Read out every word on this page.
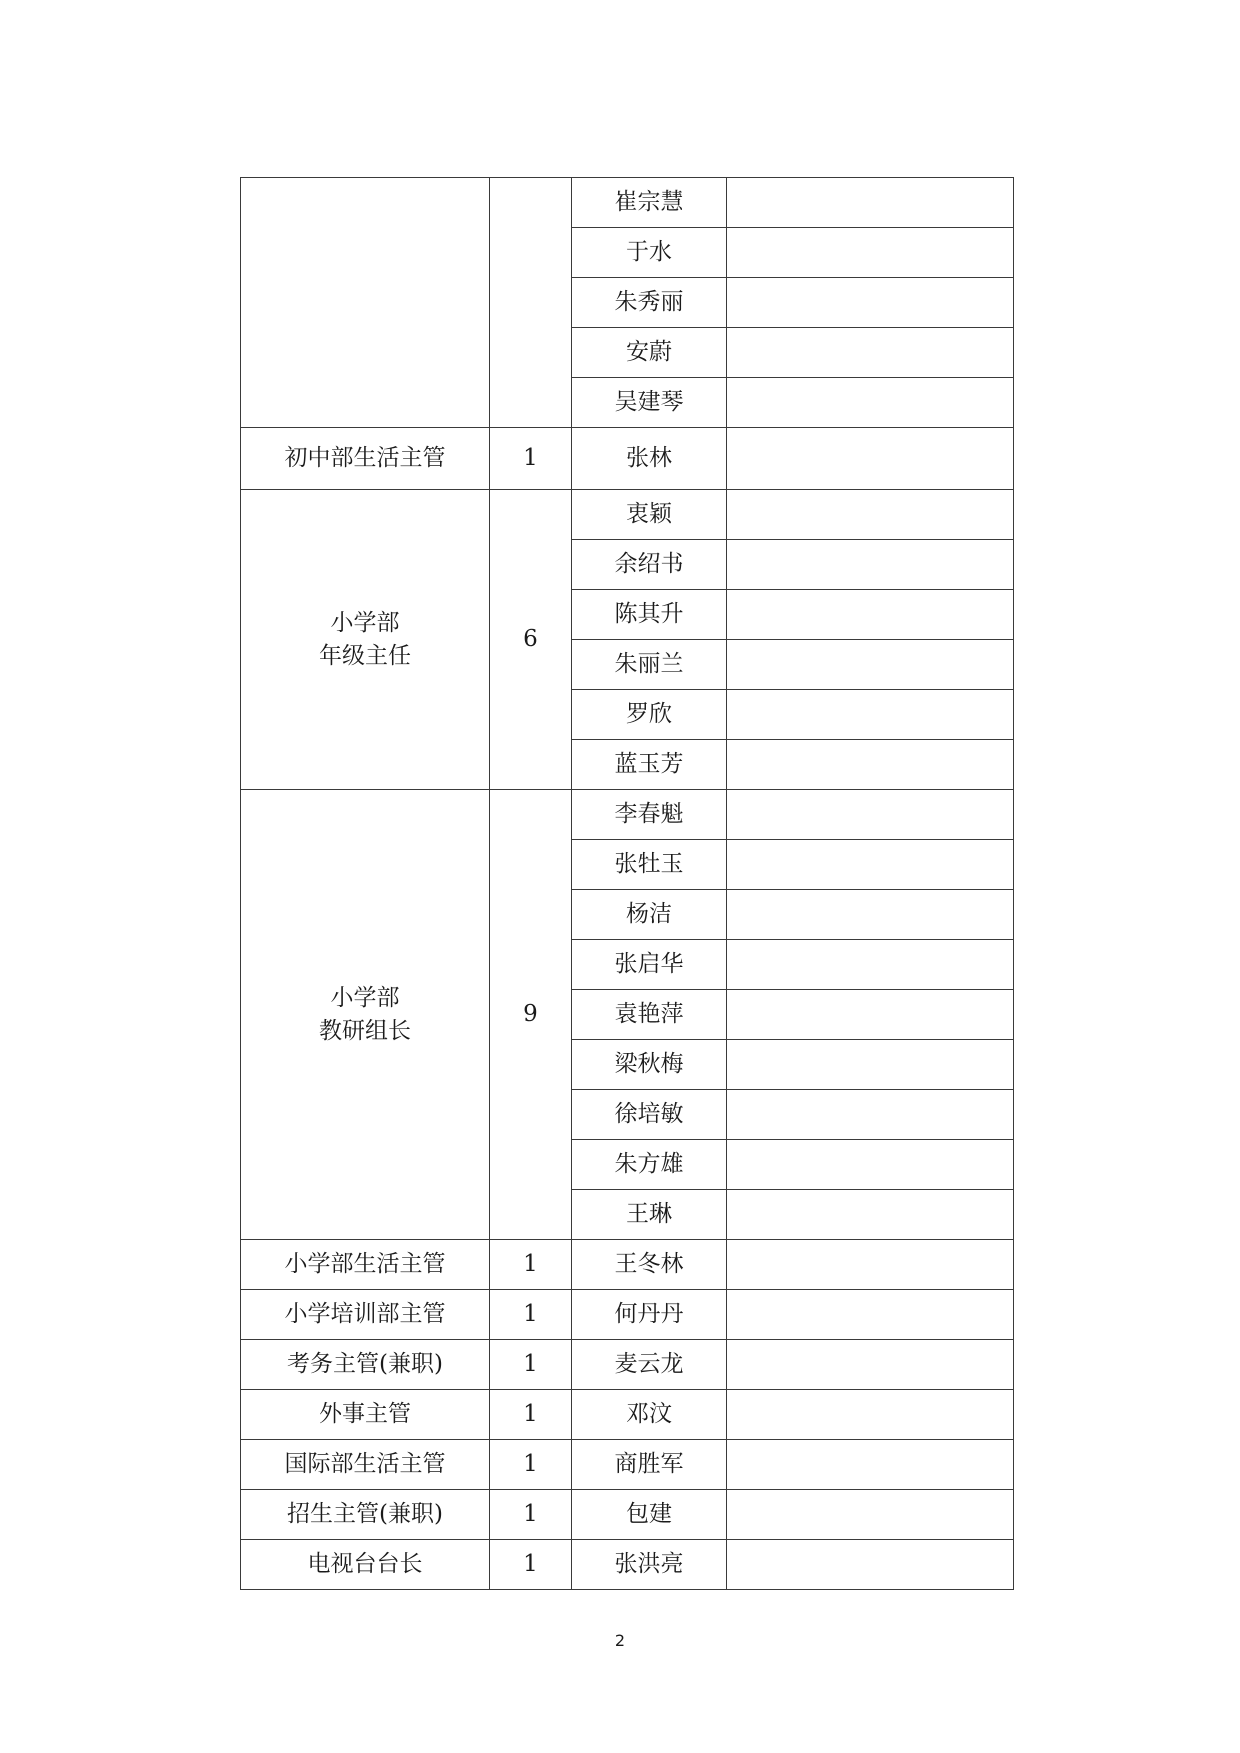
		崔宗慧	
		于水	
		朱秀丽	
		安蔚	
		吴建琴	

初中部生活主管	1	张林	

小学部
年级主任	6	衷颖	
		余绍书	
		陈其升	
		朱丽兰	
		罗欣	
		蓝玉芳	

小学部
教研组长	9	李春魁	
		张牡玉	
		杨洁	
		张启华	
		袁艳萍	
		梁秋梅	
		徐培敏	
		朱方雄	
		王琳	

小学部生活主管	1	王冬林	

小学培训部主管	1	何丹丹	

考务主管(兼职)	1	麦云龙	

外事主管	1	邓汶	

国际部生活主管	1	商胜军	

招生主管(兼职)	1	包建	

电视台台长	1	张洪亮	
2
